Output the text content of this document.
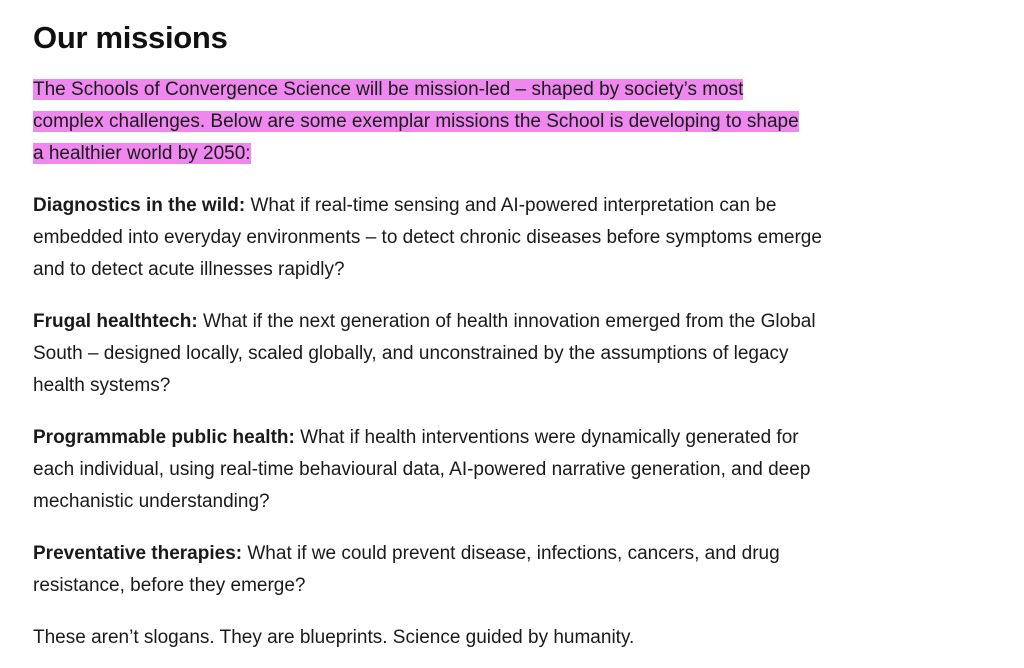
Our missions

The Schools of Convergence Science will be mission-led – shaped by society’s most complex challenges. Below are some exemplar missions the School is developing to shape a healthier world by 2050:

Diagnostics in the wild: What if real-time sensing and AI-powered interpretation can be embedded into everyday environments – to detect chronic diseases before symptoms emerge and to detect acute illnesses rapidly?

Frugal healthtech: What if the next generation of health innovation emerged from the Global South – designed locally, scaled globally, and unconstrained by the assumptions of legacy health systems?

Programmable public health: What if health interventions were dynamically generated for each individual, using real-time behavioural data, AI-powered narrative generation, and deep mechanistic understanding?

Preventative therapies: What if we could prevent disease, infections, cancers, and drug resistance, before they emerge?

These aren’t slogans. They are blueprints. Science guided by humanity.
